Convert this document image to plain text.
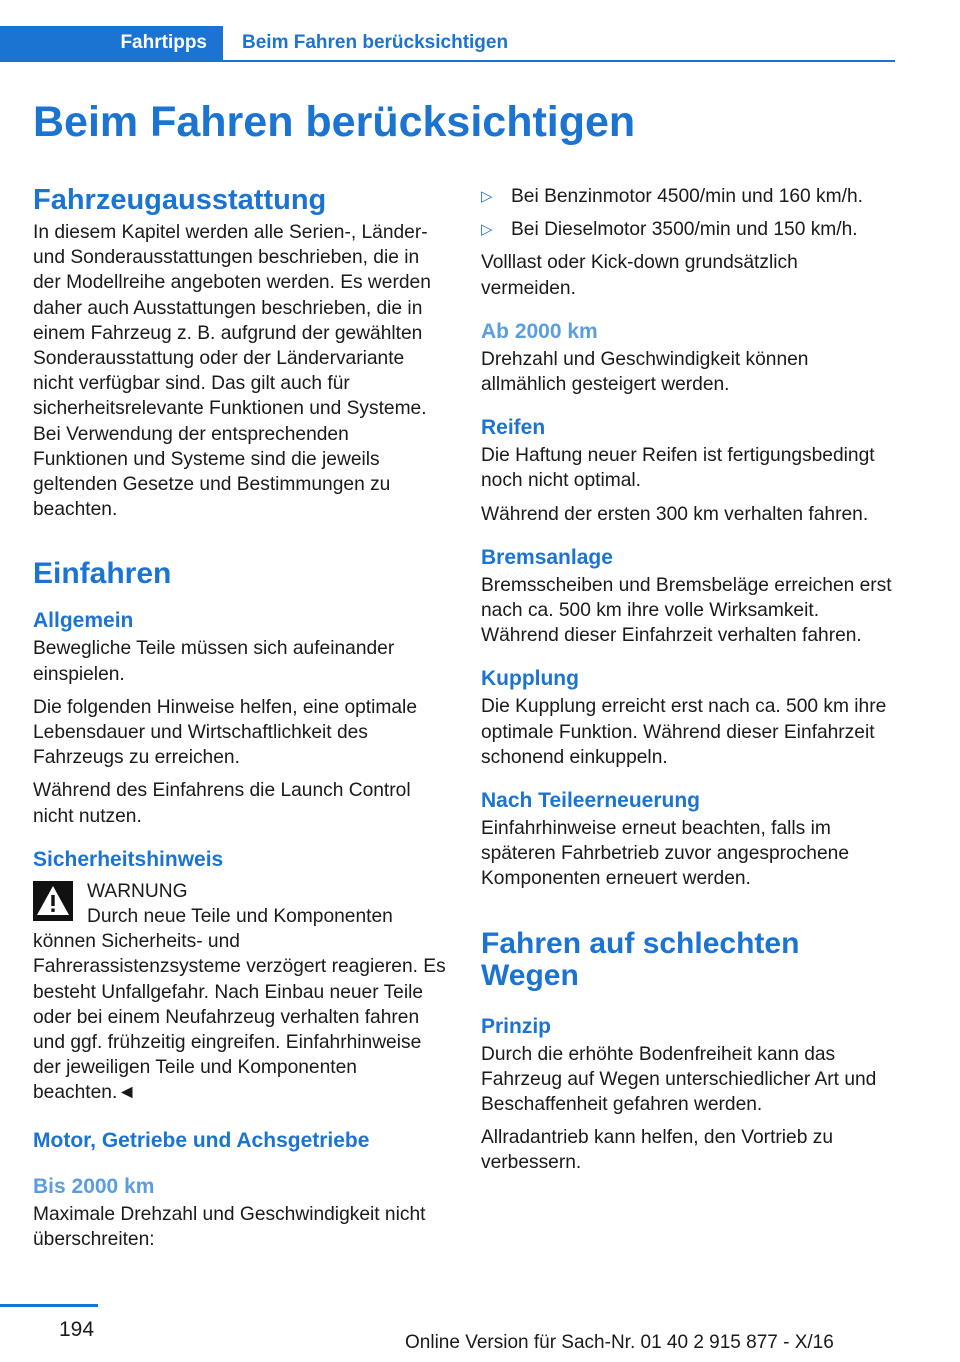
Fahrtipps	Beim Fahren berücksichtigen
Beim Fahren berücksichtigen
Fahrzeugausstattung

In diesem Kapitel werden alle Serien-, Länder- und Sonderausstattungen beschrieben, die in der Modellreihe angeboten werden. Es werden daher auch Ausstattungen beschrieben, die in einem Fahrzeug z. B. aufgrund der gewählten Sonderausstattung oder der Ländervariante nicht verfügbar sind. Das gilt auch für sicherheitsrelevante Funktionen und Systeme. Bei Verwendung der entsprechenden Funktionen und Systeme sind die jeweils geltenden Gesetze und Bestimmungen zu beachten.

Einfahren
Allgemein

Bewegliche Teile müssen sich aufeinander einspielen.

Die folgenden Hinweise helfen, eine optimale Lebensdauer und Wirtschaftlichkeit des Fahrzeugs zu erreichen.

Während des Einfahrens die Launch Control nicht nutzen.

Sicherheitshinweis
WARNUNG
Durch neue Teile und Komponenten
können Sicherheits- und Fahrerassistenzsysteme verzögert reagieren. Es besteht Unfallgefahr. Nach Einbau neuer Teile oder bei einem Neufahrzeug verhalten fahren und ggf. frühzeitig eingreifen. Einfahrhinweise der jeweiligen Teile und Komponenten beachten.◄
Motor, Getriebe und Achsgetriebe
Bis 2000 km

Maximale Drehzahl und Geschwindigkeit nicht überschreiten:

▷ Bei Benzinmotor 4500/min und 160 km/h.
▷ Bei Dieselmotor 3500/min und 150 km/h.

Volllast oder Kick-down grundsätzlich vermeiden.

Ab 2000 km

Drehzahl und Geschwindigkeit können allmählich gesteigert werden.

Reifen

Die Haftung neuer Reifen ist fertigungsbedingt noch nicht optimal.

Während der ersten 300 km verhalten fahren.

Bremsanlage

Bremsscheiben und Bremsbeläge erreichen erst nach ca. 500 km ihre volle Wirksamkeit. Während dieser Einfahrzeit verhalten fahren.

Kupplung

Die Kupplung erreicht erst nach ca. 500 km ihre optimale Funktion. Während dieser Einfahrzeit schonend einkuppeln.

Nach Teileerneuerung

Einfahrhinweise erneut beachten, falls im späteren Fahrbetrieb zuvor angesprochene Komponenten erneuert werden.

Fahren auf schlechten Wegen
Prinzip

Durch die erhöhte Bodenfreiheit kann das Fahrzeug auf Wegen unterschiedlicher Art und Beschaffenheit gefahren werden.

Allradantrieb kann helfen, den Vortrieb zu verbessern.

194
Online Version für Sach-Nr. 01 40 2 915 877 - X/16
